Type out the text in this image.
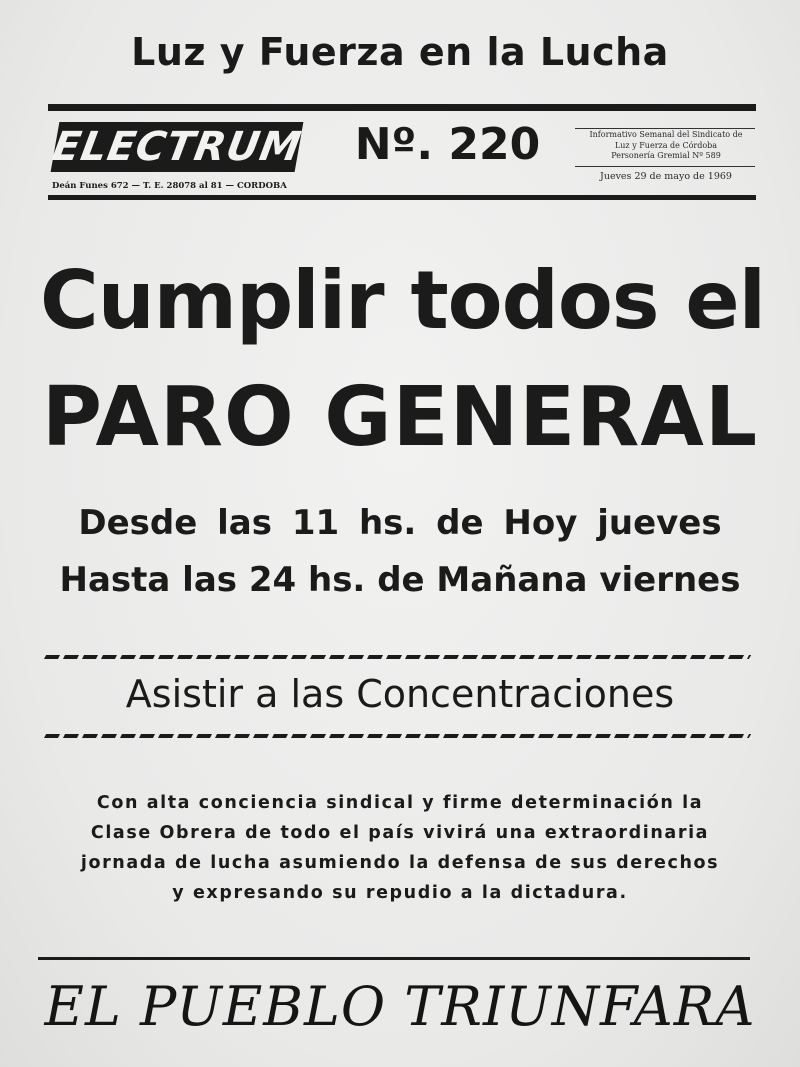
Luz y Fuerza en la Lucha
ELECTRUM	Nº. 220	Informativo Semanal del Sindicato de
Luz y Fuerza de Córdoba
Personería Gremial Nº 589
Jueves 29 de mayo de 1969
Deán Funes 672 — T. E. 28078 al 81 — CORDOBA
Cumplir todos el
PARO GENERAL
Desde las 11 hs. de Hoy jueves
Hasta las 24 hs. de Mañana viernes
Asistir a las Concentraciones
Con alta conciencia sindical y firme determinación la
Clase Obrera de todo el país vivirá una extraordinaria
jornada de lucha asumiendo la defensa de sus derechos
y expresando su repudio a la dictadura.
EL PUEBLO TRIUNFARA
